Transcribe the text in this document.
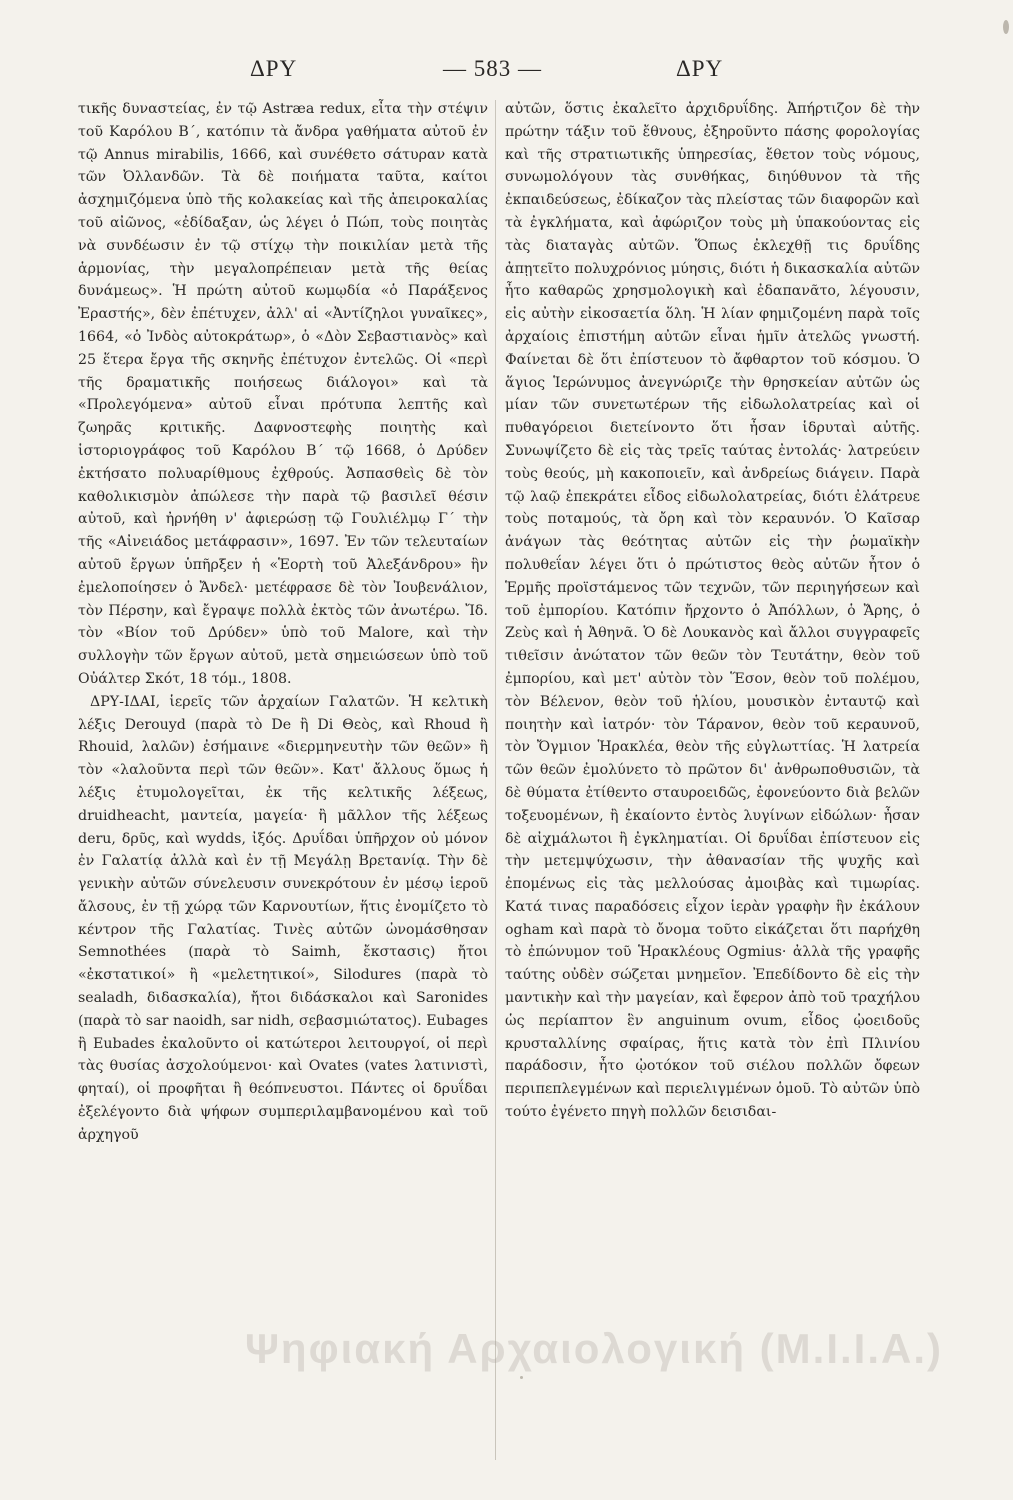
ΔΡΥ	— 583 —	ΔΡΥ

τικῆς δυναστείας, ἐν τῷ Astræa redux, εἶτα τὴν στέψιν τοῦ Καρόλου Β΄, κατόπιν τὰ ἄνδρα γαθήματα αὐτοῦ ἐν τῷ Annus mirabilis, 1666, καὶ συνέθετο σάτυραν κατὰ τῶν Ὀλλανδῶν. Τὰ δὲ ποιήματα ταῦτα, καίτοι ἀσχημιζόμενα ὑπὸ τῆς κολακείας καὶ τῆς ἀπειροκαλίας τοῦ αἰῶνος, «ἐδίδαξαν, ὡς λέγει ὁ Πώπ, τοὺς ποιητὰς νὰ συνδέωσιν ἐν τῷ στίχῳ τὴν ποικιλίαν μετὰ τῆς ἁρμονίας, τὴν μεγαλοπρέπειαν μετὰ τῆς θείας δυνάμεως». Ἡ πρώτη αὐτοῦ κωμῳδία «ὁ Παράξενος Ἐραστής», δὲν ἐπέτυχεν, ἀλλ' αἱ «Ἀντίζηλοι γυναῖκες», 1664, «ὁ Ἰνδὸς αὐτοκράτωρ», ὁ «Δὸν Σεβαστιανὸς» καὶ 25 ἕτερα ἔργα τῆς σκηνῆς ἐπέτυχον ἐντελῶς. Οἱ «περὶ τῆς δραματικῆς ποιήσεως διάλογοι» καὶ τὰ «Προλεγόμενα» αὐτοῦ εἶναι πρότυπα λεπτῆς καὶ ζωηρᾶς κριτικῆς. Δαφνοστεφὴς ποιητὴς καὶ ἱστοριογράφος τοῦ Καρόλου Β΄ τῷ 1668, ὁ Δρύδεν ἐκτήσατο πολυαρίθμους ἐχθρούς. Ἀσπασθεὶς δὲ τὸν καθολικισμὸν ἀπώλεσε τὴν παρὰ τῷ βασιλεῖ θέσιν αὐτοῦ, καὶ ἠρνήθη ν' ἀφιερώσῃ τῷ Γουλιέλμῳ Γ΄ τὴν τῆς «Αἰνειάδος μετάφρασιν», 1697. Ἐν τῶν τελευταίων αὐτοῦ ἔργων ὑπῆρξεν ἡ «Ἑορτὴ τοῦ Ἀλεξάνδρου» ἣν ἐμελοποίησεν ὁ Ἄνδελ· μετέφρασε δὲ τὸν Ἰουβενάλιον, τὸν Πέρσην, καὶ ἔγραψε πολλὰ ἐκτὸς τῶν ἀνωτέρω. Ἴδ. τὸν «Βίον τοῦ Δρύδεν» ὑπὸ τοῦ Malore, καὶ τὴν συλλογὴν τῶν ἔργων αὐτοῦ, μετὰ σημειώσεων ὑπὸ τοῦ Οὐάλτερ Σκότ, 18 τόμ., 1808.

ΔΡΥ-ΙΔΑΙ, ἱερεῖς τῶν ἀρχαίων Γαλατῶν. Ἡ κελτικὴ λέξις Derouyd (παρὰ τὸ De ἢ Di Θεὸς, καὶ Rhoud ἢ Rhouid, λαλῶν) ἐσήμαινε «διερμηνευτὴν τῶν θεῶν» ἢ τὸν «λαλοῦντα περὶ τῶν θεῶν». Κατ' ἄλλους ὅμως ἡ λέξις ἐτυμολογεῖται, ἐκ τῆς κελτικῆς λέξεως, druidheacht, μαντεία, μαγεία· ἢ μᾶλλον τῆς λέξεως deru, δρῦς, καὶ wydds, ἰξός. Δρυΐδαι ὑπῆρχον οὐ μόνον ἐν Γαλατίᾳ ἀλλὰ καὶ ἐν τῇ Μεγάλῃ Βρετανίᾳ. Τὴν δὲ γενικὴν αὐτῶν σύνελευσιν συνεκρότουν ἐν μέσῳ ἱεροῦ ἄλσους, ἐν τῇ χώρᾳ τῶν Καρνουτίων, ἥτις ἐνομίζετο τὸ κέντρον τῆς Γαλατίας. Τινὲς αὐτῶν ὠνομάσθησαν Semnothées (παρὰ τὸ Saimh, ἔκστασις) ἤτοι «ἐκστατικοί» ἢ «μελετητικοί», Silodures (παρὰ τὸ sealadh, διδασκαλία), ἤτοι διδάσκαλοι καὶ Saronides (παρὰ τὸ sar naoidh, sar nidh, σεβασμιώτατος). Eubages ἢ Eubades ἐκαλοῦντο οἱ κατώτεροι λειτουργοί, οἱ περὶ τὰς θυσίας ἀσχολούμενοι· καὶ Ovates (vates λατινιστὶ, φηταί), οἱ προφῆται ἢ θεόπνευστοι. Πάντες οἱ δρυΐδαι ἐξελέγοντο διὰ ψήφων συμπεριλαμβανομένου καὶ τοῦ ἀρχηγοῦ

αὐτῶν, ὅστις ἐκαλεῖτο ἀρχιδρυΐδης. Ἀπήρτιζον δὲ τὴν πρώτην τάξιν τοῦ ἔθνους, ἐξηροῦντο πάσης φορολογίας καὶ τῆς στρατιωτικῆς ὑπηρεσίας, ἔθετον τοὺς νόμους, συνωμολόγουν τὰς συνθήκας, διηύθυνον τὰ τῆς ἐκπαιδεύσεως, ἐδίκαζον τὰς πλείστας τῶν διαφορῶν καὶ τὰ ἐγκλήματα, καὶ ἀφώριζον τοὺς μὴ ὑπακούοντας εἰς τὰς διαταγὰς αὐτῶν. Ὅπως ἐκλεχθῇ τις δρυΐδης ἀπῃτεῖτο πολυχρόνιος μύησις, διότι ἡ δικασκαλία αὐτῶν ἦτο καθαρῶς χρησμολογικὴ καὶ ἐδαπανᾶτο, λέγουσιν, εἰς αὐτὴν εἰκοσαετία ὅλη. Ἡ λίαν φημιζομένη παρὰ τοῖς ἀρχαίοις ἐπιστήμη αὐτῶν εἶναι ἡμῖν ἀτελῶς γνωστή. Φαίνεται δὲ ὅτι ἐπίστευον τὸ ἄφθαρτον τοῦ κόσμου. Ὁ ἅγιος Ἱερώνυμος ἀνεγνώριζε τὴν θρησκείαν αὐτῶν ὡς μίαν τῶν συνετωτέρων τῆς εἰδωλολατρείας καὶ οἱ πυθαγόρειοι διετείνοντο ὅτι ἦσαν ἱδρυταὶ αὐτῆς. Συνωψίζετο δὲ εἰς τὰς τρεῖς ταύτας ἐντολάς· λατρεύειν τοὺς θεούς, μὴ κακοποιεῖν, καὶ ἀνδρείως διάγειν. Παρὰ τῷ λαῷ ἐπεκράτει εἶδος εἰδωλολατρείας, διότι ἐλάτρευε τοὺς ποταμούς, τὰ ὄρη καὶ τὸν κεραυνόν. Ὁ Καῖσαρ ἀνάγων τὰς θεότητας αὐτῶν εἰς τὴν ῥωμαϊκὴν πολυθεΐαν λέγει ὅτι ὁ πρώτιστος θεὸς αὐτῶν ἦτον ὁ Ἑρμῆς προϊστάμενος τῶν τεχνῶν, τῶν περιηγήσεων καὶ τοῦ ἐμπορίου. Κατόπιν ἤρχοντο ὁ Ἀπόλλων, ὁ Ἄρης, ὁ Ζεὺς καὶ ἡ Ἀθηνᾶ. Ὁ δὲ Λουκανὸς καὶ ἄλλοι συγγραφεῖς τιθεῖσιν ἀνώτατον τῶν θεῶν τὸν Τευτάτην, θεὸν τοῦ ἐμπορίου, καὶ μετ' αὐτὸν τὸν Ἕσον, θεὸν τοῦ πολέμου, τὸν Βέλενον, θεὸν τοῦ ἡλίου, μουσικὸν ἐνταυτῷ καὶ ποιητὴν καὶ ἰατρόν· τὸν Τάρανον, θεὸν τοῦ κεραυνοῦ, τὸν Ὄγμιον Ἡρακλέα, θεὸν τῆς εὐγλωττίας. Ἡ λατρεία τῶν θεῶν ἐμολύνετο τὸ πρῶτον δι' ἀνθρωποθυσιῶν, τὰ δὲ θύματα ἐτίθεντο σταυροειδῶς, ἐφονεύοντο διὰ βελῶν τοξευομένων, ἢ ἐκαίοντο ἐντὸς λυγίνων εἰδώλων· ἦσαν δὲ αἰχμάλωτοι ἢ ἐγκληματίαι. Οἱ δρυΐδαι ἐπίστευον εἰς τὴν μετεμψύχωσιν, τὴν ἀθανασίαν τῆς ψυχῆς καὶ ἐπομένως εἰς τὰς μελλούσας ἀμοιβὰς καὶ τιμωρίας. Κατά τινας παραδόσεις εἶχον ἱερὰν γραφὴν ἣν ἐκάλουν ogham καὶ παρὰ τὸ ὄνομα τοῦτο εἰκάζεται ὅτι παρήχθη τὸ ἐπώνυμον τοῦ Ἡρακλέους Ogmius· ἀλλὰ τῆς γραφῆς ταύτης οὐδὲν σώζεται μνημεῖον. Ἐπεδίδοντο δὲ εἰς τὴν μαντικὴν καὶ τὴν μαγείαν, καὶ ἔφερον ἀπὸ τοῦ τραχήλου ὡς περίαπτον ἓν anguinum ovum, εἶδος ᾠοειδοῦς κρυσταλλίνης σφαίρας, ἥτις κατὰ τὸν ἐπὶ Πλινίου παράδοσιν, ἦτο ᾠοτόκον τοῦ σιέλου πολλῶν ὄφεων περιπεπλεγμένων καὶ περιελιγμένων ὁμοῦ. Τὸ αὐτῶν ὑπὸ τούτο ἐγένετο πηγὴ πολλῶν δεισιδαι-

Ψηφιακή Αρχαιολογική (Μ.Ι.Ι.Α.)
